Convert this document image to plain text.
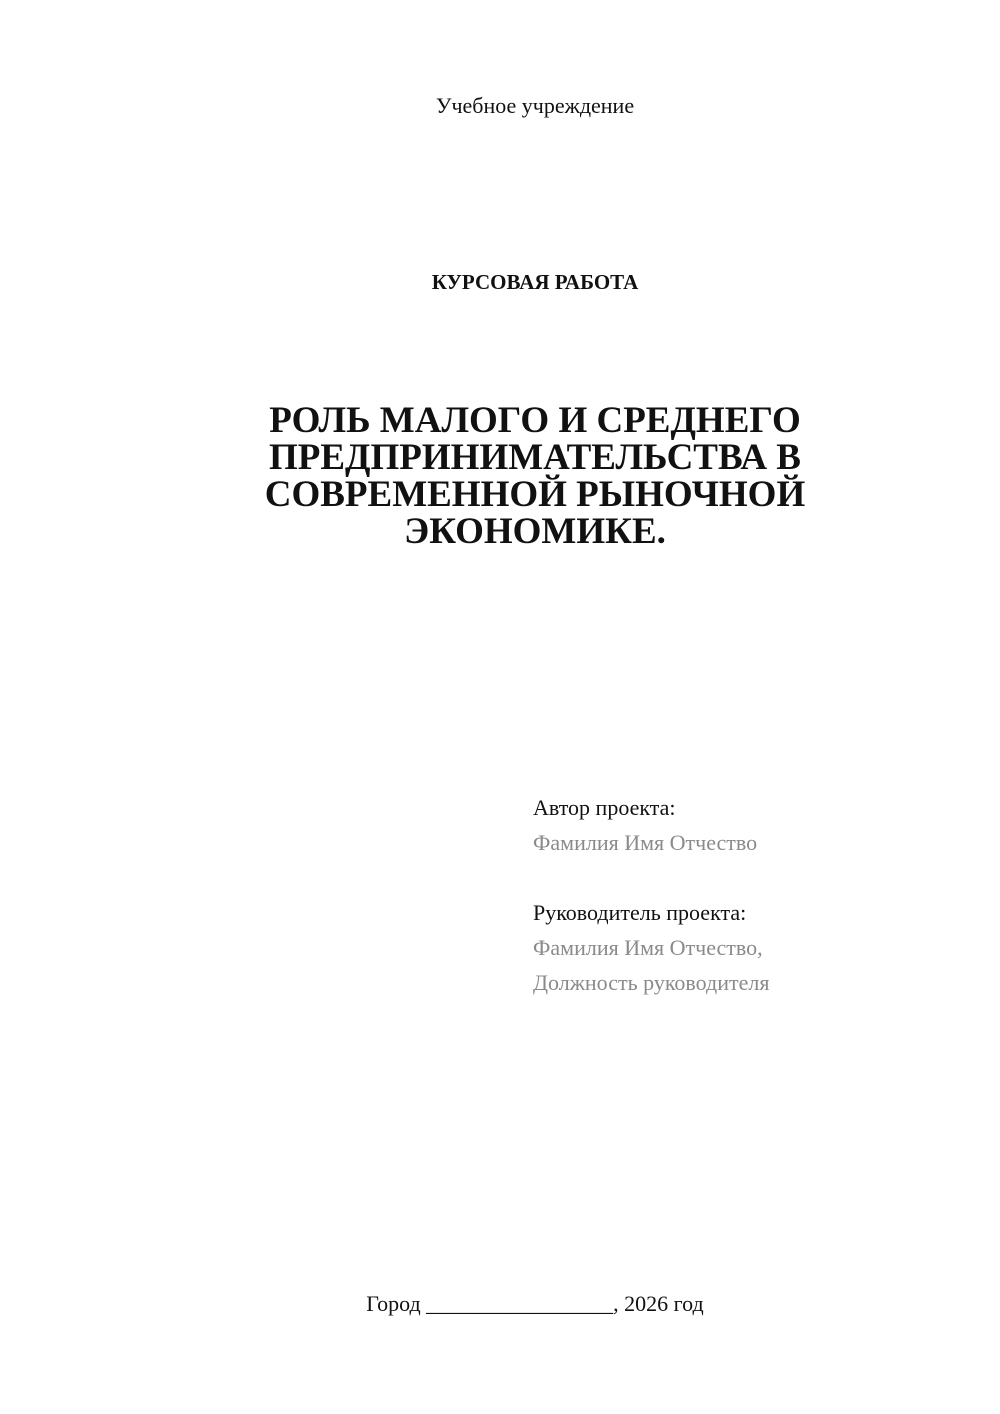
Учебное учреждение
КУРСОВАЯ РАБОТА
РОЛЬ МАЛОГО И СРЕДНЕГО
ПРЕДПРИНИМАТЕЛЬСТВА В
СОВРЕМЕННОЙ РЫНОЧНОЙ
ЭКОНОМИКЕ.
Автор проекта:
Фамилия Имя Отчество
Руководитель проекта:
Фамилия Имя Отчество,
Должность руководителя
Город _________________, 2026 год
